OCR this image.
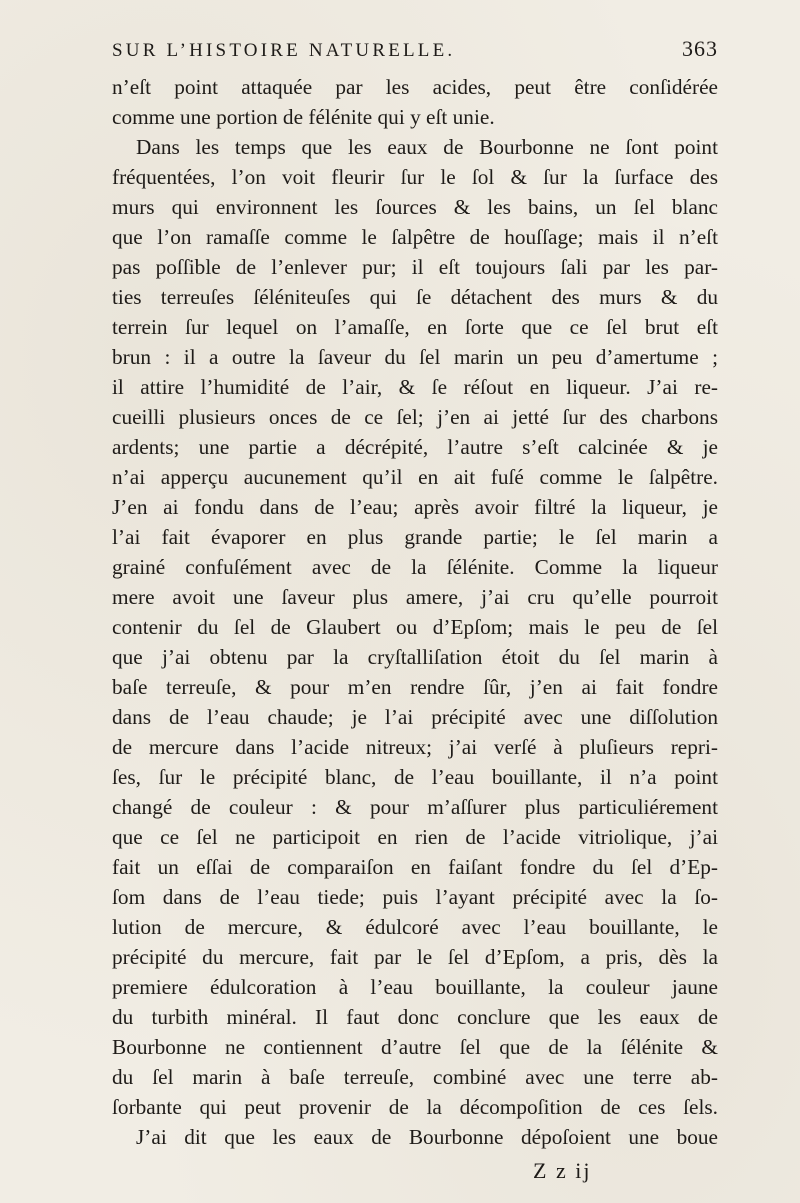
SUR L’HISTOIRE NATURELLE.	363
n’eſt point attaquée par les acides, peut être conſidérée
comme une portion de félénite qui y eſt unie.
Dans les temps que les eaux de Bourbonne ne ſont point
fréquentées, l’on voit fleurir ſur le ſol & ſur la ſurface des
murs qui environnent les ſources & les bains, un ſel blanc
que l’on ramaſſe comme le ſalpêtre de houſſage; mais il n’eſt
pas poſſible de l’enlever pur; il eſt toujours ſali par les par-
ties terreuſes ſéléniteuſes qui ſe détachent des murs & du
terrein ſur lequel on l’amaſſe, en ſorte que ce ſel brut eſt
brun : il a outre la ſaveur du ſel marin un peu d’amertume ;
il attire l’humidité de l’air, & ſe réſout en liqueur. J’ai re-
cueilli plusieurs onces de ce ſel; j’en ai jetté ſur des charbons
ardents; une partie a décrépité, l’autre s’eſt calcinée & je
n’ai apperçu aucunement qu’il en ait fuſé comme le ſalpêtre.
J’en ai fondu dans de l’eau; après avoir filtré la liqueur, je
l’ai fait évaporer en plus grande partie; le ſel marin a
grainé confuſément avec de la ſélénite. Comme la liqueur
mere avoit une ſaveur plus amere, j’ai cru qu’elle pourroit
contenir du ſel de Glaubert ou d’Epſom; mais le peu de ſel
que j’ai obtenu par la cryſtalliſation étoit du ſel marin à
baſe terreuſe, & pour m’en rendre ſûr, j’en ai fait fondre
dans de l’eau chaude; je l’ai précipité avec une diſſolution
de mercure dans l’acide nitreux; j’ai verſé à pluſieurs repri-
ſes, ſur le précipité blanc, de l’eau bouillante, il n’a point
changé de couleur : & pour m’aſſurer plus particuliérement
que ce ſel ne participoit en rien de l’acide vitriolique, j’ai
fait un eſſai de comparaiſon en faiſant fondre du ſel d’Ep-
ſom dans de l’eau tiede; puis l’ayant précipité avec la ſo-
lution de mercure, & édulcoré avec l’eau bouillante, le
précipité du mercure, fait par le ſel d’Epſom, a pris, dès la
premiere édulcoration à l’eau bouillante, la couleur jaune
du turbith minéral. Il faut donc conclure que les eaux de
Bourbonne ne contiennent d’autre ſel que de la ſélénite &
du ſel marin à baſe terreuſe, combiné avec une terre ab-
ſorbante qui peut provenir de la décompoſition de ces ſels.
J’ai dit que les eaux de Bourbonne dépoſoient une boue
Z z ij
